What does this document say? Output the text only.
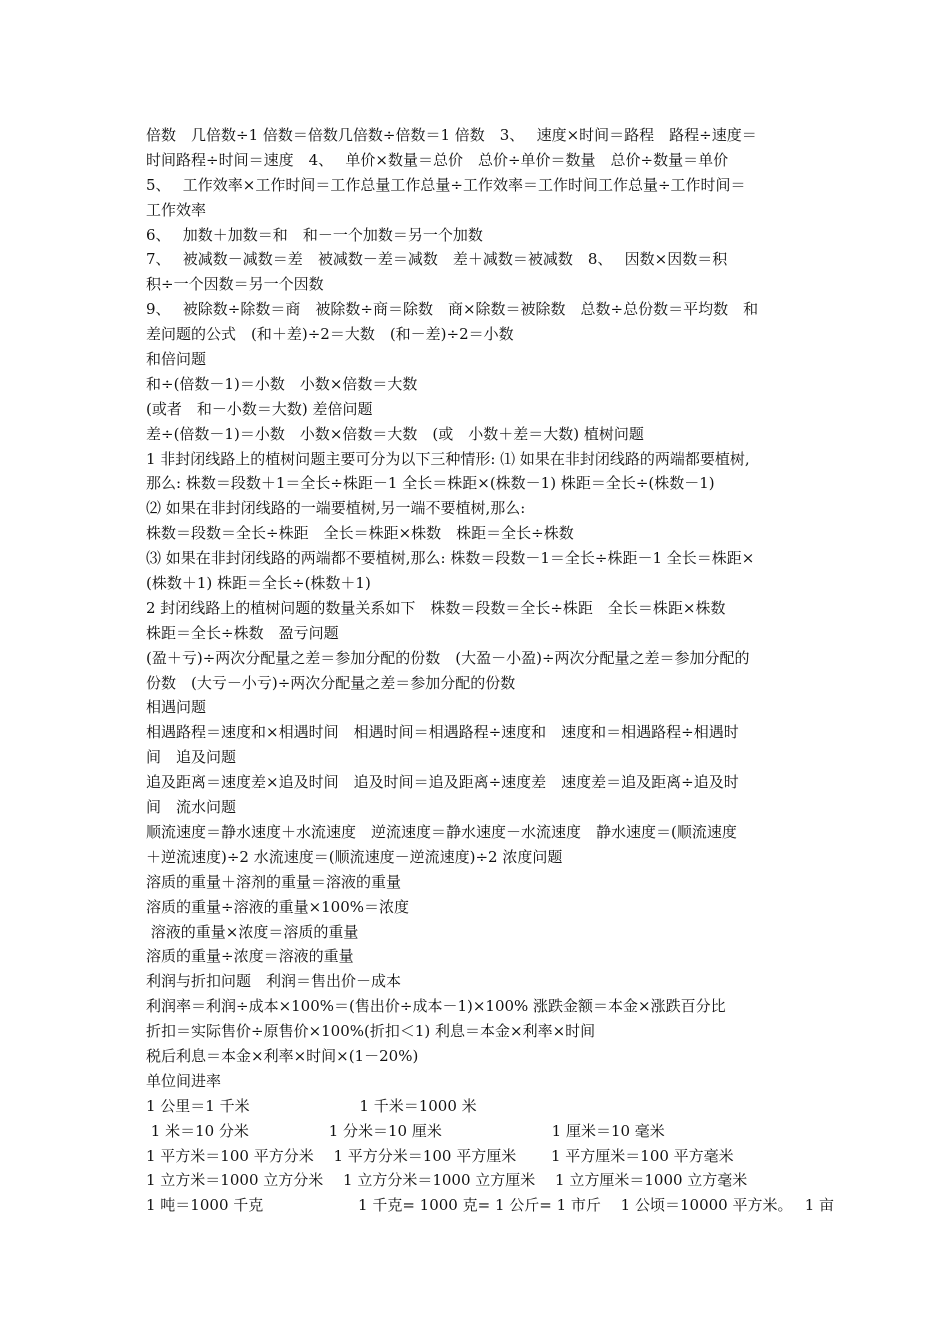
倍数　几倍数÷1 倍数＝倍数几倍数÷倍数＝1 倍数　3、　 速度×时间＝路程　路程÷速度＝
时间路程÷时间＝速度　4、　 单价×数量＝总价　总价÷单价＝数量　总价÷数量＝单价
5、　 工作效率×工作时间＝工作总量工作总量÷工作效率＝工作时间工作总量÷工作时间＝
工作效率
6、　 加数＋加数＝和　和－一个加数＝另一个加数
7、　 被减数－减数＝差　被减数－差＝减数　差＋减数＝被减数　8、　 因数×因数＝积
积÷一个因数＝另一个因数
9、　 被除数÷除数＝商　被除数÷商＝除数　商×除数＝被除数　总数÷总份数＝平均数　和
差问题的公式　(和＋差)÷2＝大数　(和－差)÷2＝小数
和倍问题
和÷(倍数－1)＝小数　小数×倍数＝大数
(或者　和－小数＝大数) 差倍问题
差÷(倍数－1)＝小数　小数×倍数＝大数　(或　小数＋差＝大数) 植树问题
1 非封闭线路上的植树问题主要可分为以下三种情形: ⑴ 如果在非封闭线路的两端都要植树,
那么: 株数＝段数＋1＝全长÷株距－1 全长＝株距×(株数－1) 株距＝全长÷(株数－1)
⑵ 如果在非封闭线路的一端要植树,另一端不要植树,那么:
株数＝段数＝全长÷株距　全长＝株距×株数　株距＝全长÷株数
⑶ 如果在非封闭线路的两端都不要植树,那么: 株数＝段数－1＝全长÷株距－1 全长＝株距×
(株数＋1) 株距＝全长÷(株数＋1)
2 封闭线路上的植树问题的数量关系如下　株数＝段数＝全长÷株距　全长＝株距×株数
株距＝全长÷株数　盈亏问题
(盈＋亏)÷两次分配量之差＝参加分配的份数　(大盈－小盈)÷两次分配量之差＝参加分配的
份数　(大亏－小亏)÷两次分配量之差＝参加分配的份数
相遇问题
相遇路程＝速度和×相遇时间　相遇时间＝相遇路程÷速度和　速度和＝相遇路程÷相遇时
间　追及问题
追及距离＝速度差×追及时间　追及时间＝追及距离÷速度差　速度差＝追及距离÷追及时
间　流水问题
顺流速度＝静水速度＋水流速度　逆流速度＝静水速度－水流速度　静水速度＝(顺流速度
＋逆流速度)÷2 水流速度＝(顺流速度－逆流速度)÷2 浓度问题
溶质的重量＋溶剂的重量＝溶液的重量
溶质的重量÷溶液的重量×100%＝浓度
溶液的重量×浓度＝溶质的重量
溶质的重量÷浓度＝溶液的重量
利润与折扣问题　利润＝售出价－成本
利润率＝利润÷成本×100%＝(售出价÷成本－1)×100% 涨跌金额＝本金×涨跌百分比
折扣＝实际售价÷原售价×100%(折扣＜1) 利息＝本金×利率×时间
税后利息＝本金×利率×时间×(1－20%)
单位间进率
1 公里＝1 千米　　　　　　　 1 千米＝1000 米
1 米＝10 分米　　　　　 1 分米＝10 厘米　　　　　　　 1 厘米＝10 毫米
1 平方米＝100 平方分米　 1 平方分米＝100 平方厘米　　 1 平方厘米＝100 平方毫米
1 立方米＝1000 立方分米　 1 立方分米＝1000 立方厘米　 1 立方厘米＝1000 立方毫米
1 吨＝1000 千克　　　　　　 1 千克= 1000 克= 1 公斤= 1 市斤　 1 公顷＝10000 平方米。　 1 亩
